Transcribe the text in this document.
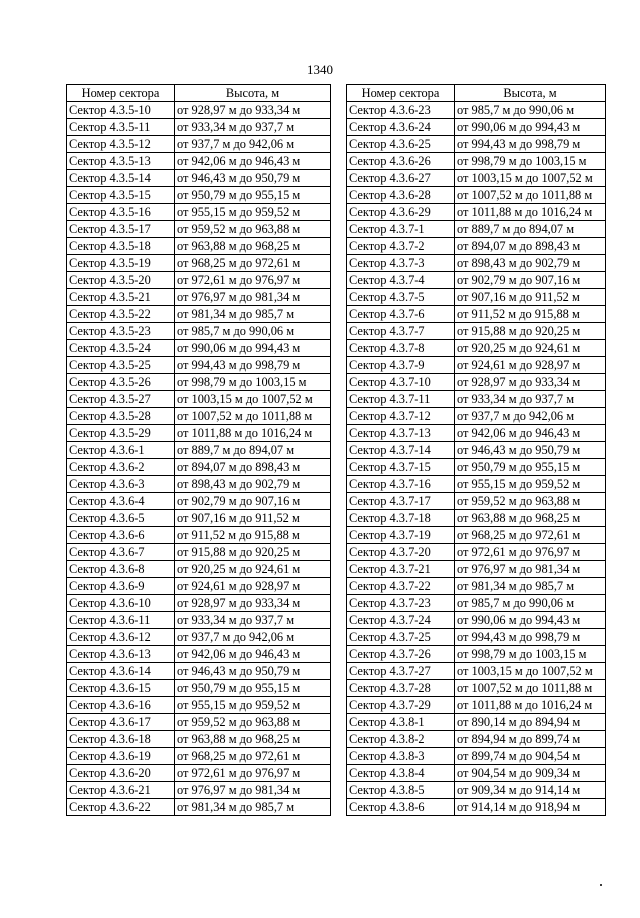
1340
Номер сектора	Высота, м
Сектор 4.3.5-10	от 928,97 м до 933,34 м
Сектор 4.3.5-11	от 933,34 м до 937,7 м
Сектор 4.3.5-12	от 937,7 м до 942,06 м
Сектор 4.3.5-13	от 942,06 м до 946,43 м
Сектор 4.3.5-14	от 946,43 м до 950,79 м
Сектор 4.3.5-15	от 950,79 м до 955,15 м
Сектор 4.3.5-16	от 955,15 м до 959,52 м
Сектор 4.3.5-17	от 959,52 м до 963,88 м
Сектор 4.3.5-18	от 963,88 м до 968,25 м
Сектор 4.3.5-19	от 968,25 м до 972,61 м
Сектор 4.3.5-20	от 972,61 м до 976,97 м
Сектор 4.3.5-21	от 976,97 м до 981,34 м
Сектор 4.3.5-22	от 981,34 м до 985,7 м
Сектор 4.3.5-23	от 985,7 м до 990,06 м
Сектор 4.3.5-24	от 990,06 м до 994,43 м
Сектор 4.3.5-25	от 994,43 м до 998,79 м
Сектор 4.3.5-26	от 998,79 м до 1003,15 м
Сектор 4.3.5-27	от 1003,15 м до 1007,52 м
Сектор 4.3.5-28	от 1007,52 м до 1011,88 м
Сектор 4.3.5-29	от 1011,88 м до 1016,24 м
Сектор 4.3.6-1	от 889,7 м до 894,07 м
Сектор 4.3.6-2	от 894,07 м до 898,43 м
Сектор 4.3.6-3	от 898,43 м до 902,79 м
Сектор 4.3.6-4	от 902,79 м до 907,16 м
Сектор 4.3.6-5	от 907,16 м до 911,52 м
Сектор 4.3.6-6	от 911,52 м до 915,88 м
Сектор 4.3.6-7	от 915,88 м до 920,25 м
Сектор 4.3.6-8	от 920,25 м до 924,61 м
Сектор 4.3.6-9	от 924,61 м до 928,97 м
Сектор 4.3.6-10	от 928,97 м до 933,34 м
Сектор 4.3.6-11	от 933,34 м до 937,7 м
Сектор 4.3.6-12	от 937,7 м до 942,06 м
Сектор 4.3.6-13	от 942,06 м до 946,43 м
Сектор 4.3.6-14	от 946,43 м до 950,79 м
Сектор 4.3.6-15	от 950,79 м до 955,15 м
Сектор 4.3.6-16	от 955,15 м до 959,52 м
Сектор 4.3.6-17	от 959,52 м до 963,88 м
Сектор 4.3.6-18	от 963,88 м до 968,25 м
Сектор 4.3.6-19	от 968,25 м до 972,61 м
Сектор 4.3.6-20	от 972,61 м до 976,97 м
Сектор 4.3.6-21	от 976,97 м до 981,34 м
Сектор 4.3.6-22	от 981,34 м до 985,7 м
Номер сектора	Высота, м
Сектор 4.3.6-23	от 985,7 м до 990,06 м
Сектор 4.3.6-24	от 990,06 м до 994,43 м
Сектор 4.3.6-25	от 994,43 м до 998,79 м
Сектор 4.3.6-26	от 998,79 м до 1003,15 м
Сектор 4.3.6-27	от 1003,15 м до 1007,52 м
Сектор 4.3.6-28	от 1007,52 м до 1011,88 м
Сектор 4.3.6-29	от 1011,88 м до 1016,24 м
Сектор 4.3.7-1	от 889,7 м до 894,07 м
Сектор 4.3.7-2	от 894,07 м до 898,43 м
Сектор 4.3.7-3	от 898,43 м до 902,79 м
Сектор 4.3.7-4	от 902,79 м до 907,16 м
Сектор 4.3.7-5	от 907,16 м до 911,52 м
Сектор 4.3.7-6	от 911,52 м до 915,88 м
Сектор 4.3.7-7	от 915,88 м до 920,25 м
Сектор 4.3.7-8	от 920,25 м до 924,61 м
Сектор 4.3.7-9	от 924,61 м до 928,97 м
Сектор 4.3.7-10	от 928,97 м до 933,34 м
Сектор 4.3.7-11	от 933,34 м до 937,7 м
Сектор 4.3.7-12	от 937,7 м до 942,06 м
Сектор 4.3.7-13	от 942,06 м до 946,43 м
Сектор 4.3.7-14	от 946,43 м до 950,79 м
Сектор 4.3.7-15	от 950,79 м до 955,15 м
Сектор 4.3.7-16	от 955,15 м до 959,52 м
Сектор 4.3.7-17	от 959,52 м до 963,88 м
Сектор 4.3.7-18	от 963,88 м до 968,25 м
Сектор 4.3.7-19	от 968,25 м до 972,61 м
Сектор 4.3.7-20	от 972,61 м до 976,97 м
Сектор 4.3.7-21	от 976,97 м до 981,34 м
Сектор 4.3.7-22	от 981,34 м до 985,7 м
Сектор 4.3.7-23	от 985,7 м до 990,06 м
Сектор 4.3.7-24	от 990,06 м до 994,43 м
Сектор 4.3.7-25	от 994,43 м до 998,79 м
Сектор 4.3.7-26	от 998,79 м до 1003,15 м
Сектор 4.3.7-27	от 1003,15 м до 1007,52 м
Сектор 4.3.7-28	от 1007,52 м до 1011,88 м
Сектор 4.3.7-29	от 1011,88 м до 1016,24 м
Сектор 4.3.8-1	от 890,14 м до 894,94 м
Сектор 4.3.8-2	от 894,94 м до 899,74 м
Сектор 4.3.8-3	от 899,74 м до 904,54 м
Сектор 4.3.8-4	от 904,54 м до 909,34 м
Сектор 4.3.8-5	от 909,34 м до 914,14 м
Сектор 4.3.8-6	от 914,14 м до 918,94 м
